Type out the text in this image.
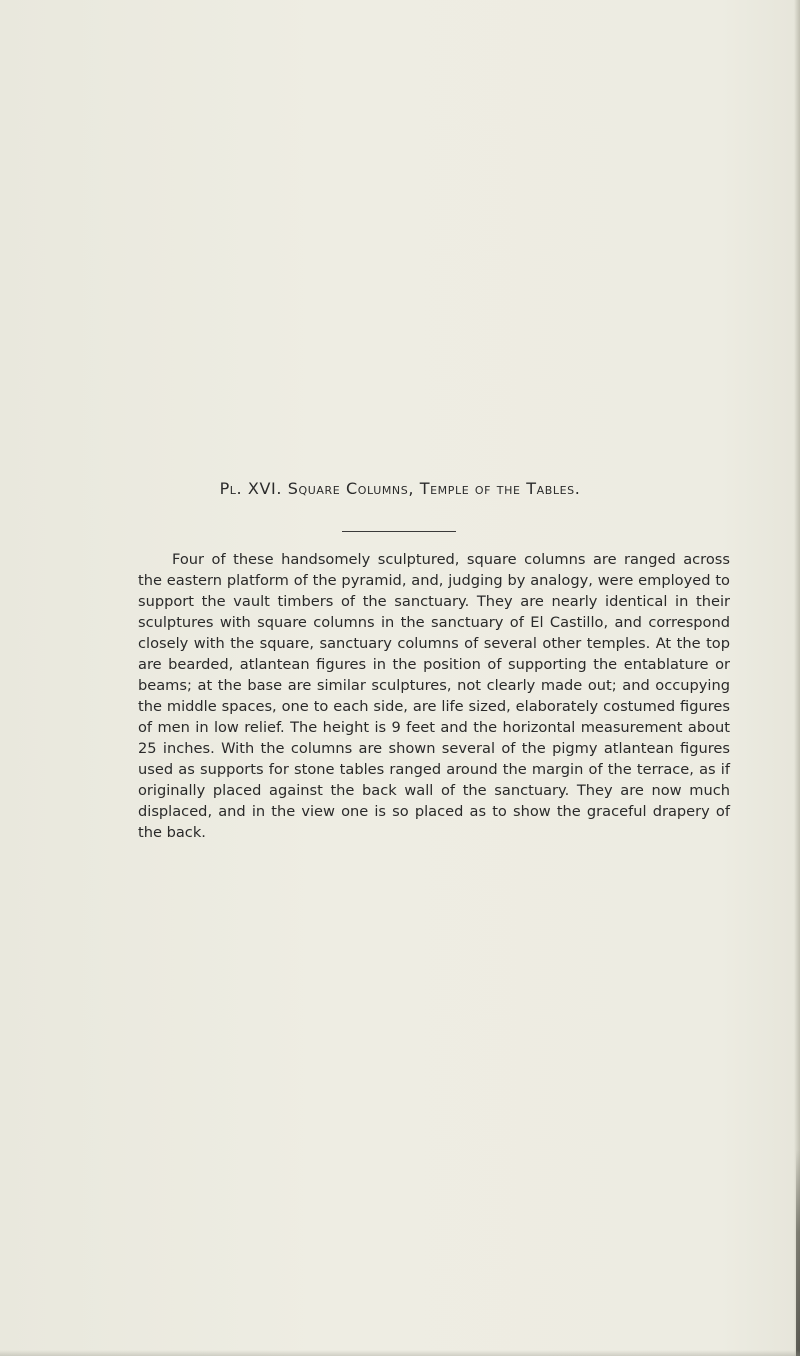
Pl. XVI. Square Columns, Temple of the Tables.

Four of these handsomely sculptured, square columns are ranged across the eastern platform of the pyramid, and, judging by analogy, were employed to support the vault timbers of the sanctuary. They are nearly identical in their sculptures with square columns in the sanctuary of El Castillo, and correspond closely with the square, sanctuary columns of several other temples. At the top are bearded, atlantean figures in the position of supporting the entablature or beams; at the base are similar sculptures, not clearly made out; and occupying the middle spaces, one to each side, are life sized, elaborately costumed figures of men in low relief. The height is 9 feet and the horizontal measurement about 25 inches. With the columns are shown several of the pigmy atlantean figures used as supports for stone tables ranged around the margin of the terrace, as if originally placed against the back wall of the sanctuary. They are now much displaced, and in the view one is so placed as to show the graceful drapery of the back.
